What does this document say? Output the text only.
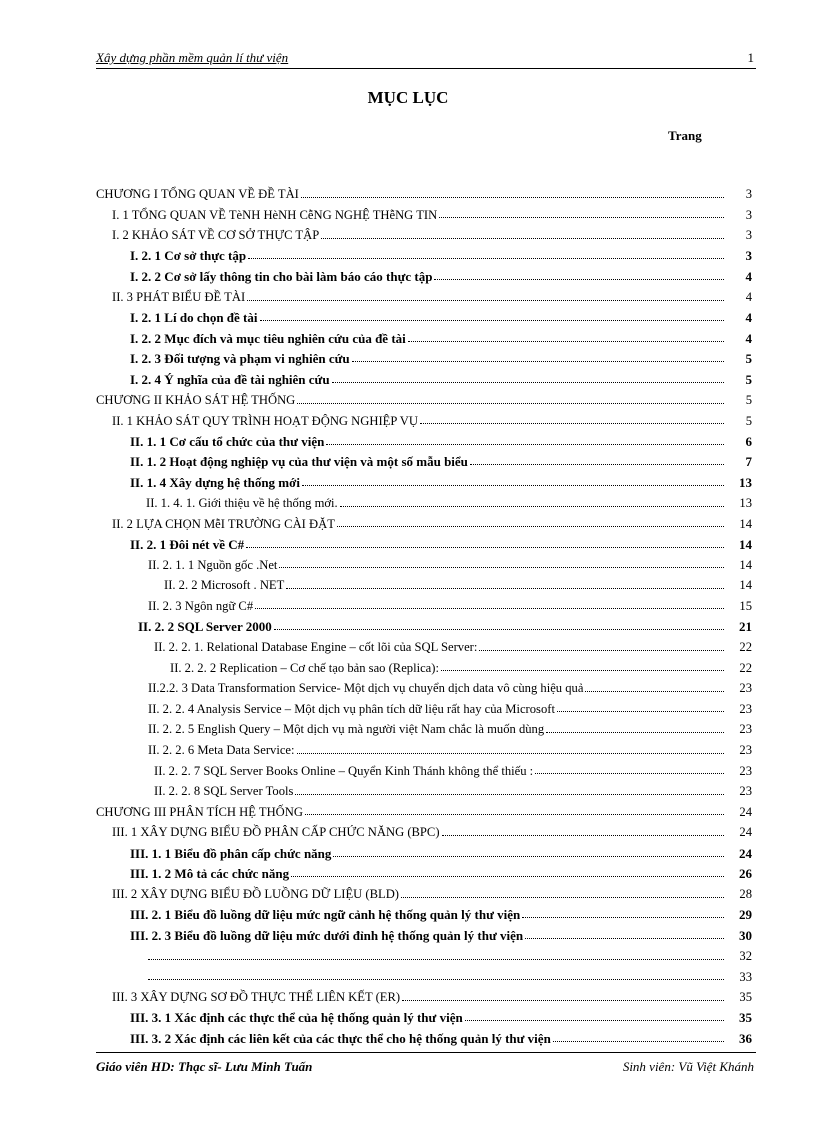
Xây dựng phần mềm quản lí thư viện	1
MỤC LỤC
Trang
CHƯƠNG I TỔNG QUAN VỀ ĐỀ TÀI	3
I. 1 TỔNG QUAN VỀ TèNH HèNH CễNG NGHỆ THễNG TIN	3
I. 2 KHẢO SÁT VỀ CƠ SỞ THỰC TẬP	3
I. 2. 1 Cơ sở thực tập	3
I. 2. 2 Cơ sở lấy thông tin cho bài làm báo cáo thực tập	4
II. 3 PHÁT BIỂU ĐỀ TÀI	4
I. 2. 1 Lí do chọn đề tài	4
I. 2. 2 Mục đích và mục tiêu nghiên cứu của đề tài	4
I. 2. 3 Đối tượng và phạm vi nghiên cứu	5
I. 2. 4 Ý nghĩa của đề tài nghiên cứu	5
CHƯƠNG II KHẢO SÁT HỆ THỐNG	5
II. 1 KHẢO SÁT QUY TRÌNH HOẠT ĐỘNG NGHIỆP VỤ	5
II. 1. 1 Cơ cấu tổ chức của thư viện	6
II. 1. 2 Hoạt động nghiệp vụ của thư viện và một số mẫu biểu	7
II. 1. 4 Xây dựng hệ thống mới	13
II. 1. 4. 1. Giới thiệu về hệ thống mới.	13
II. 2 LỰA CHỌN MễI TRƯỜNG CÀI ĐẶT	14
II. 2. 1 Đôi nét về C#	14
II. 2. 1. 1 Nguồn gốc .Net	14
II. 2. 2 Microsoft . NET	14
II. 2. 3 Ngôn ngữ C#	15
II. 2. 2 SQL Server 2000	21
II. 2. 2. 1. Relational Database Engine – cốt lõi của SQL Server:	22
II. 2. 2. 2 Replication – Cơ chế tạo bản sao (Replica):	22
II.2.2. 3 Data Transformation Service- Một dịch vụ chuyển dịch data vô cùng hiệu quả	23
II. 2. 2. 4 Analysis Service – Một dịch vụ phân tích dữ liệu rất hay của Microsoft	23
II. 2. 2. 5 English Query – Một dịch vụ mà người việt Nam chắc là muốn dùng	23
II. 2. 2. 6 Meta Data Service:	23
II. 2. 2. 7 SQL Server Books Online – Quyển Kinh Thánh không thể thiếu :	23
II. 2. 2. 8 SQL Server Tools	23
CHƯƠNG III PHÂN TÍCH HỆ THỐNG	24
III. 1 XÂY DỰNG BIỂU ĐỒ PHÂN CẤP CHỨC NĂNG (BPC)	24
III. 1. 1 Biểu đồ phân cấp chức năng	24
III. 1. 2 Mô tả các chức năng	26
III. 2 XÂY DỰNG BIỂU ĐỒ LUỒNG DỮ LIỆU (BLD)	28
III. 2. 1 Biểu đồ luồng dữ liệu mức ngữ cảnh hệ thống quản lý thư viện	29
III. 2. 3 Biểu đồ luồng dữ liệu mức dưới đỉnh hệ thống quản lý thư viện	30
32
33
III. 3 XÂY DỰNG SƠ ĐỒ THỰC THỂ LIÊN KẾT (ER)	35
III. 3. 1 Xác định các thực thể của hệ thống quản lý thư viện	35
III. 3. 2 Xác định các liên kết của các thực thể cho hệ thống quản lý thư viện	36
Giáo viên HD: Thạc sĩ- Lưu Minh Tuấn	Sinh viên: Vũ Việt Khánh
